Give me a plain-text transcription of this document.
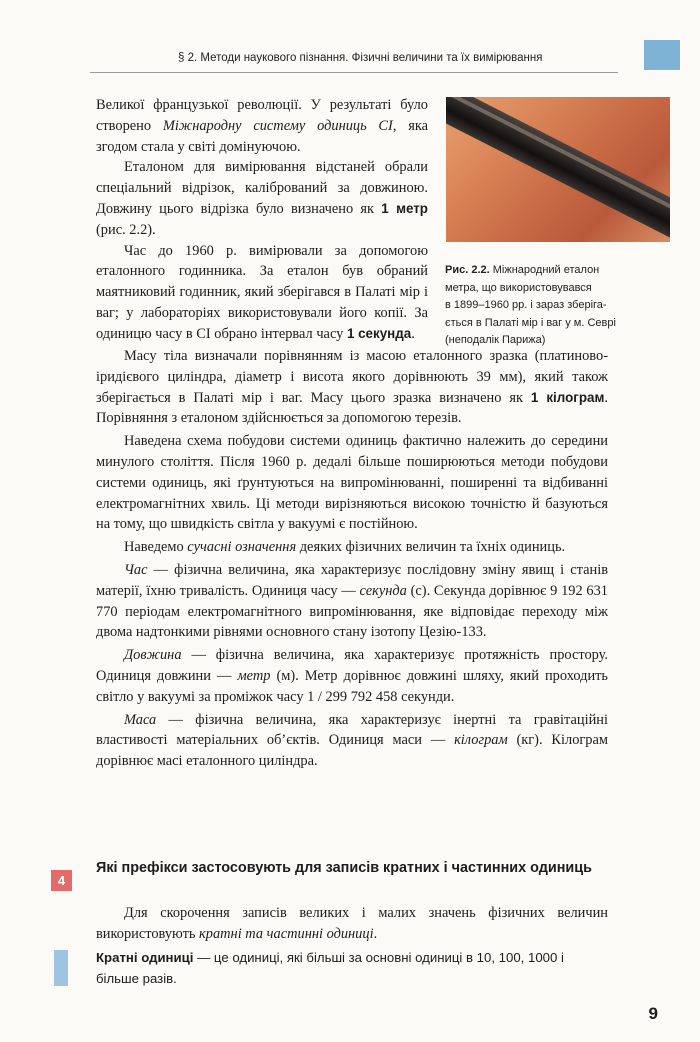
§ 2. Методи наукового пізнання. Фізичні величини та їх вимірювання
Рис. 2.2. Міжнародний еталон
метра, що використовувався
в 1899–1960 рр. і зараз зберіга-
ється в Палаті мір і ваг у м. Севрі
(неподалік Парижа)

Великої французької революції. У результаті було створено Міжнародну систему одиниць СІ, яка згодом стала у світі домінуючою.

Еталоном для вимірювання відстаней обрали спеціальний відрізок, калібрований за довжиною. Довжину цього відрізка було визначено як 1 метр (рис. 2.2).

Час до 1960 р. вимірювали за допомогою еталонного годинника. За еталон був обраний маятниковий годинник, який зберігався в Палаті мір і ваг; у лабораторіях використовували його копії. За одиницю часу в СІ обрано інтервал часу 1 секунда.

Масу тіла визначали порівнянням із масою еталонного зразка (платиново-іридієвого циліндра, діаметр і висота якого дорівнюють 39 мм), який також зберігається в Палаті мір і ваг. Масу цього зразка визначено як 1 кілограм. Порівняння з еталоном здійснюється за допомогою терезів.

Наведена схема побудови системи одиниць фактично належить до середини минулого століття. Після 1960 р. дедалі більше поширюються методи побудови системи одиниць, які ґрунтуються на випромінюванні, поширенні та відбиванні електромагнітних хвиль. Ці методи вирізняються високою точністю й базуються на тому, що швидкість світла у вакуумі є постійною.

Наведемо сучасні означення деяких фізичних величин та їхніх одиниць.

Час — фізична величина, яка характеризує послідовну зміну явищ і станів матерії, їхню тривалість. Одиниця часу — секунда (с). Секунда дорівнює 9 192 631 770 періодам електромагнітного випромінювання, яке відповідає переходу між двома надтонкими рівнями основного стану ізотопу Цезію-133.

Довжина — фізична величина, яка характеризує протяжність простору. Одиниця довжини — метр (м). Метр дорівнює довжині шляху, який проходить світло у вакуумі за проміжок часу 1 / 299 792 458 секунди.

Маса — фізична величина, яка характеризує інертні та гравітаційні властивості матеріальних об’єктів. Одиниця маси — кілограм (кг). Кілограм дорівнює масі еталонного циліндра.

4
Які префікси застосовують для записів кратних і частинних одиниць

Для скорочення записів великих і малих значень фізичних величин використовують кратні та частинні одиниці.

Кратні одиниці — це одиниці, які більші за основні одиниці в 10, 100, 1000 і більше разів.
9
